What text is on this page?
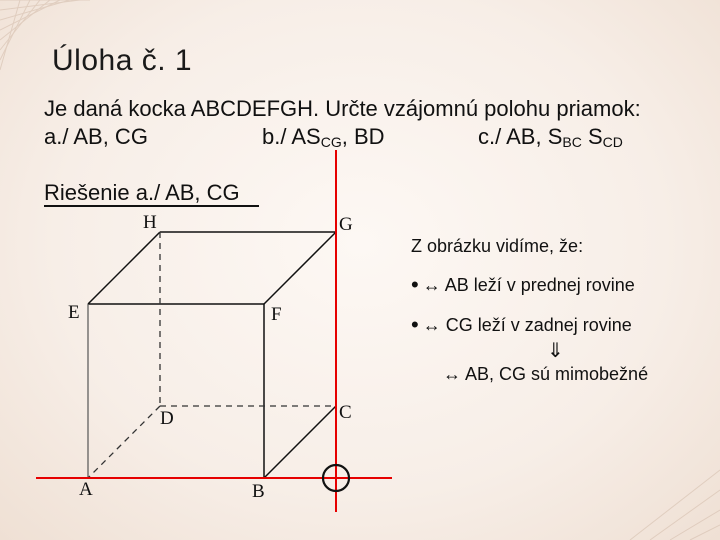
Úloha č. 1
Je daná kocka ABCDEFGH. Určte vzájomnú polohu priamok:
a./ AB, CG	b./ $AS_{CG}$, BD	c./ AB, $S_{BC}$ $S_{CD}$
Riešenie a./ AB, CG
H	G
E	F
D	C
A	B
Z obrázku vidíme, že:
• ↔ AB leží v prednej rovine
• ↔ CG leží v zadnej rovine
⇓
↔ AB, CG sú mimobežné
